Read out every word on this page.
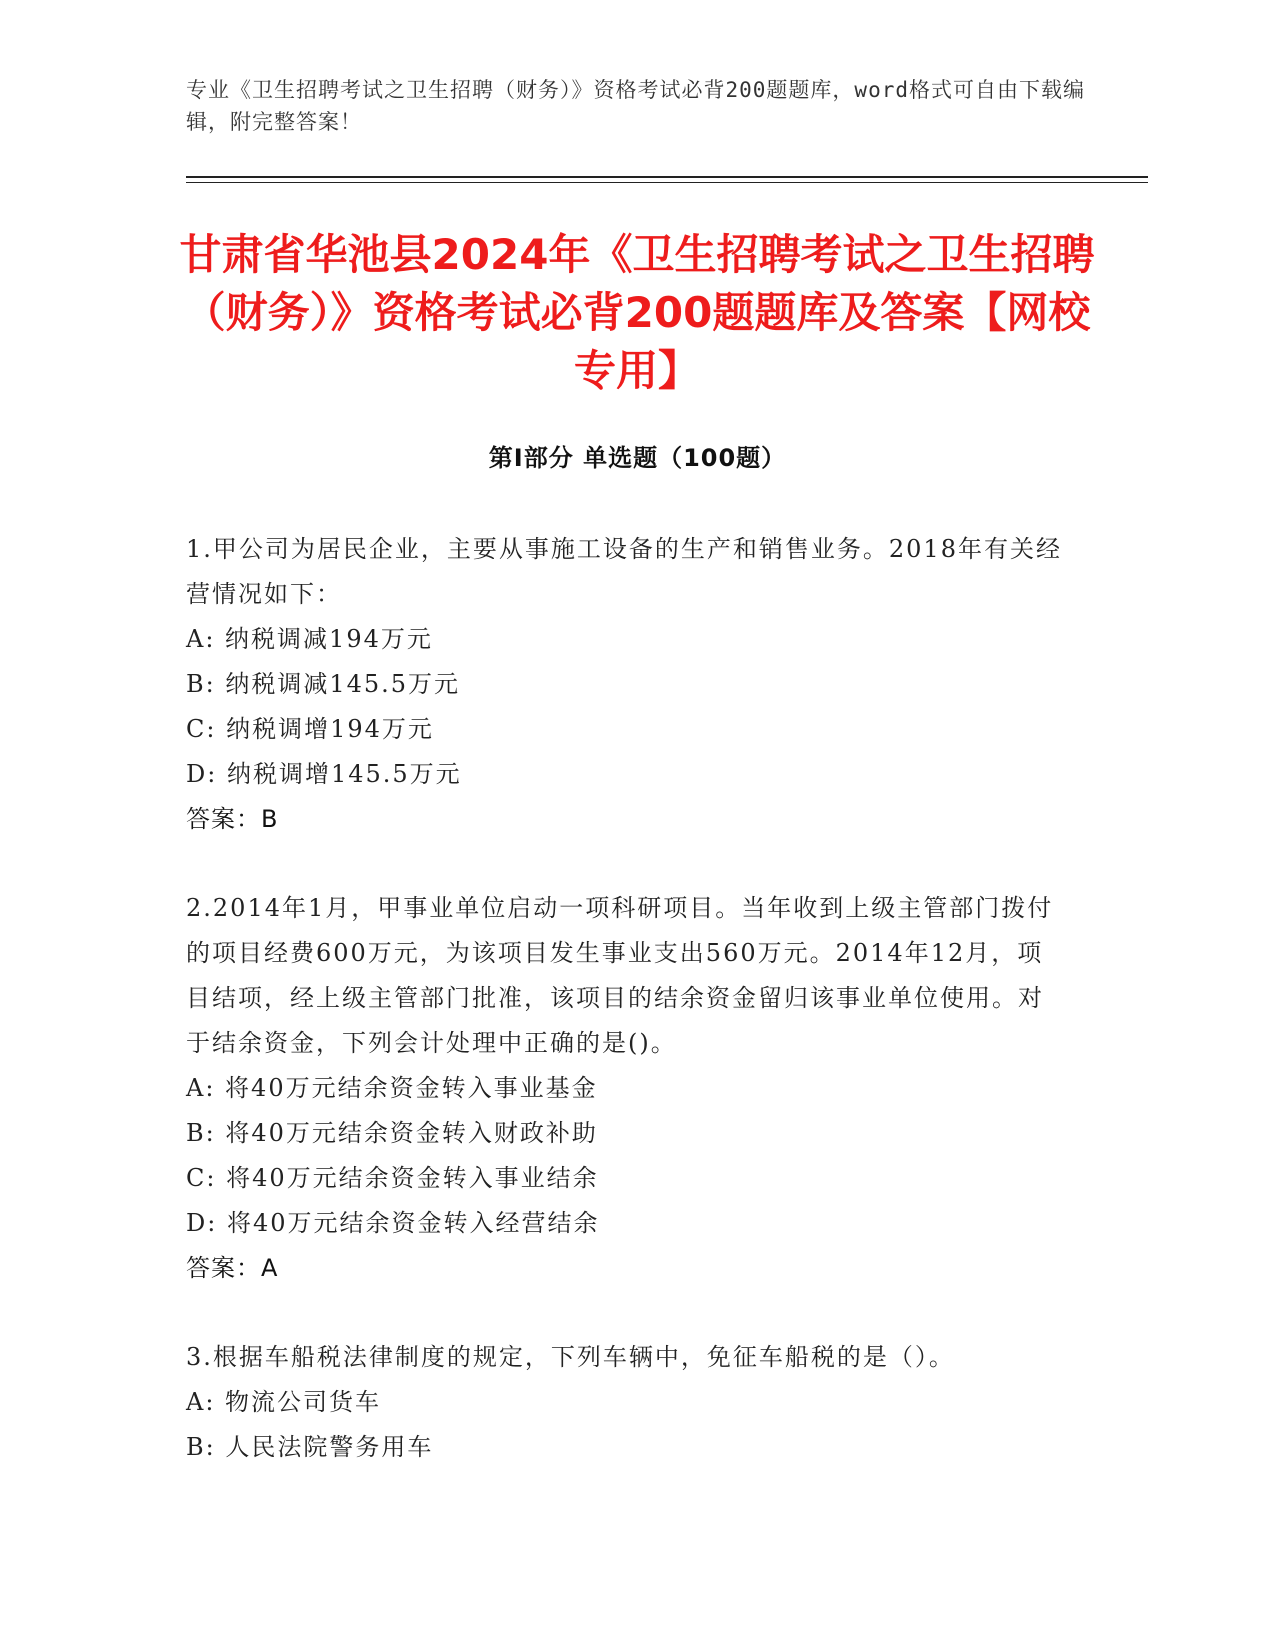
专业《卫生招聘考试之卫生招聘（财务）》资格考试必背200题题库，word格式可自由下载编辑，附完整答案！
甘肃省华池县2024年《卫生招聘考试之卫生招聘（财务）》资格考试必背200题题库及答案【网校专用】
第Ⅰ部分 单选题（100题）
1.甲公司为居民企业，主要从事施工设备的生产和销售业务。2018年有关经营情况如下：
A: 纳税调减194万元
B: 纳税调减145.5万元
C: 纳税调增194万元
D: 纳税调增145.5万元
答案：B
2.2014年1月，甲事业单位启动一项科研项目。当年收到上级主管部门拨付的项目经费600万元，为该项目发生事业支出560万元。2014年12月，项目结项，经上级主管部门批准，该项目的结余资金留归该事业单位使用。对于结余资金，下列会计处理中正确的是()。
A: 将40万元结余资金转入事业基金
B: 将40万元结余资金转入财政补助
C: 将40万元结余资金转入事业结余
D: 将40万元结余资金转入经营结余
答案：A
3.根据车船税法律制度的规定，下列车辆中，免征车船税的是（）。
A: 物流公司货车
B: 人民法院警务用车
